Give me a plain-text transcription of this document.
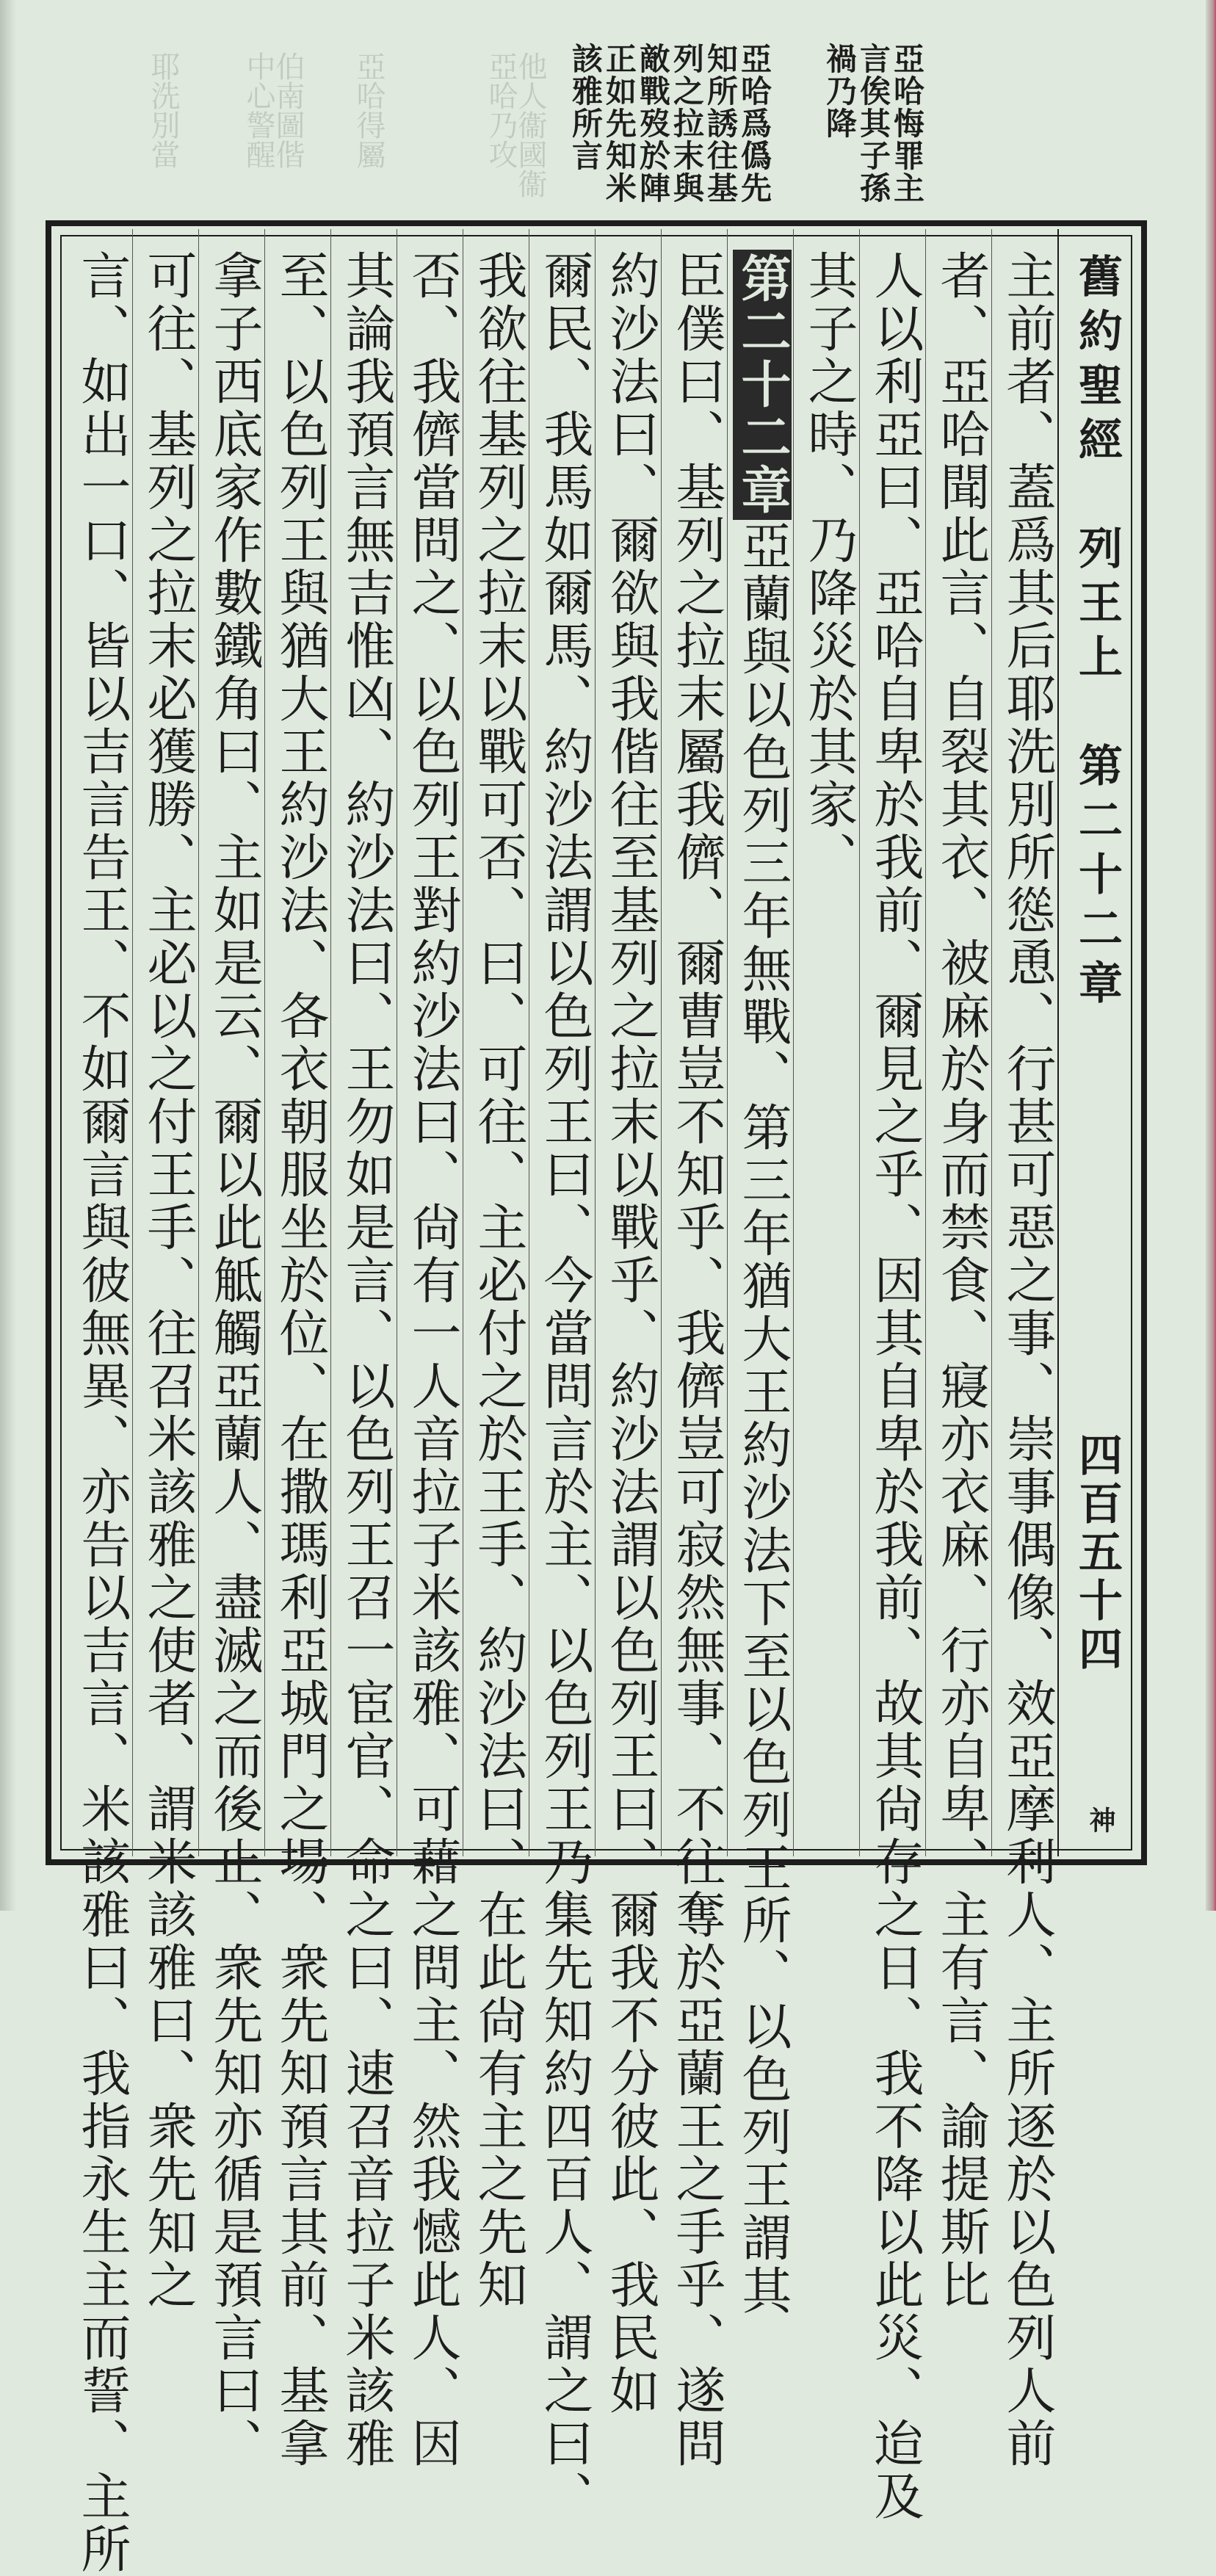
亞哈悔罪主
言俟其子孫
禍乃降
亞哈爲僞先
知所誘往基
列之拉末與
敵戰歿於陣
正如先知米
該雅所言
他人衞國衞
亞哈乃攻
亞哈得屬
伯南圖偕
中心警醒
耶洗別當
舊約聖經　列王上　第二十二章
四百五十四
神
主前者、蓋爲其后耶洗別所慫恿、行甚可惡之事、崇事偶像、效亞摩利人、主所逐於以色列人前
者、亞哈聞此言、自裂其衣、被麻於身而禁食、寢亦衣麻、行亦自卑、主有言、諭提斯比
人以利亞曰、亞哈自卑於我前、爾見之乎、因其自卑於我前、故其尙存之日、我不降以此災、迨及
其子之時、乃降災於其家、
第二十二章亞蘭與以色列三年無戰、第三年猶大王約沙法下至以色列王所、以色列王謂其
臣僕曰、基列之拉末屬我儕、爾曹豈不知乎、我儕豈可寂然無事、不往奪於亞蘭王之手乎、遂問
約沙法曰、爾欲與我偕往至基列之拉末以戰乎、約沙法謂以色列王曰、爾我不分彼此、我民如
爾民、我馬如爾馬、約沙法謂以色列王曰、今當問言於主、以色列王乃集先知約四百人、謂之曰、
我欲往基列之拉末以戰可否、曰、可往、主必付之於王手、約沙法曰、在此尙有主之先知
否、我儕當問之、以色列王對約沙法曰、尙有一人音拉子米該雅、可藉之問主、然我憾此人、因
其論我預言無吉惟凶、約沙法曰、王勿如是言、以色列王召一宦官、命之曰、速召音拉子米該雅
至、以色列王與猶大王約沙法、各衣朝服坐於位、在撒瑪利亞城門之場、衆先知預言其前、基拿
拿子西底家作數鐵角曰、主如是云、爾以此觝觸亞蘭人、盡滅之而後止、衆先知亦循是預言曰、
可往、基列之拉末必獲勝、主必以之付王手、往召米該雅之使者、謂米該雅曰、衆先知之
言、如出一口、皆以吉言告王、不如爾言與彼無異、亦告以吉言、米該雅曰、我指永生主而誓、主所
